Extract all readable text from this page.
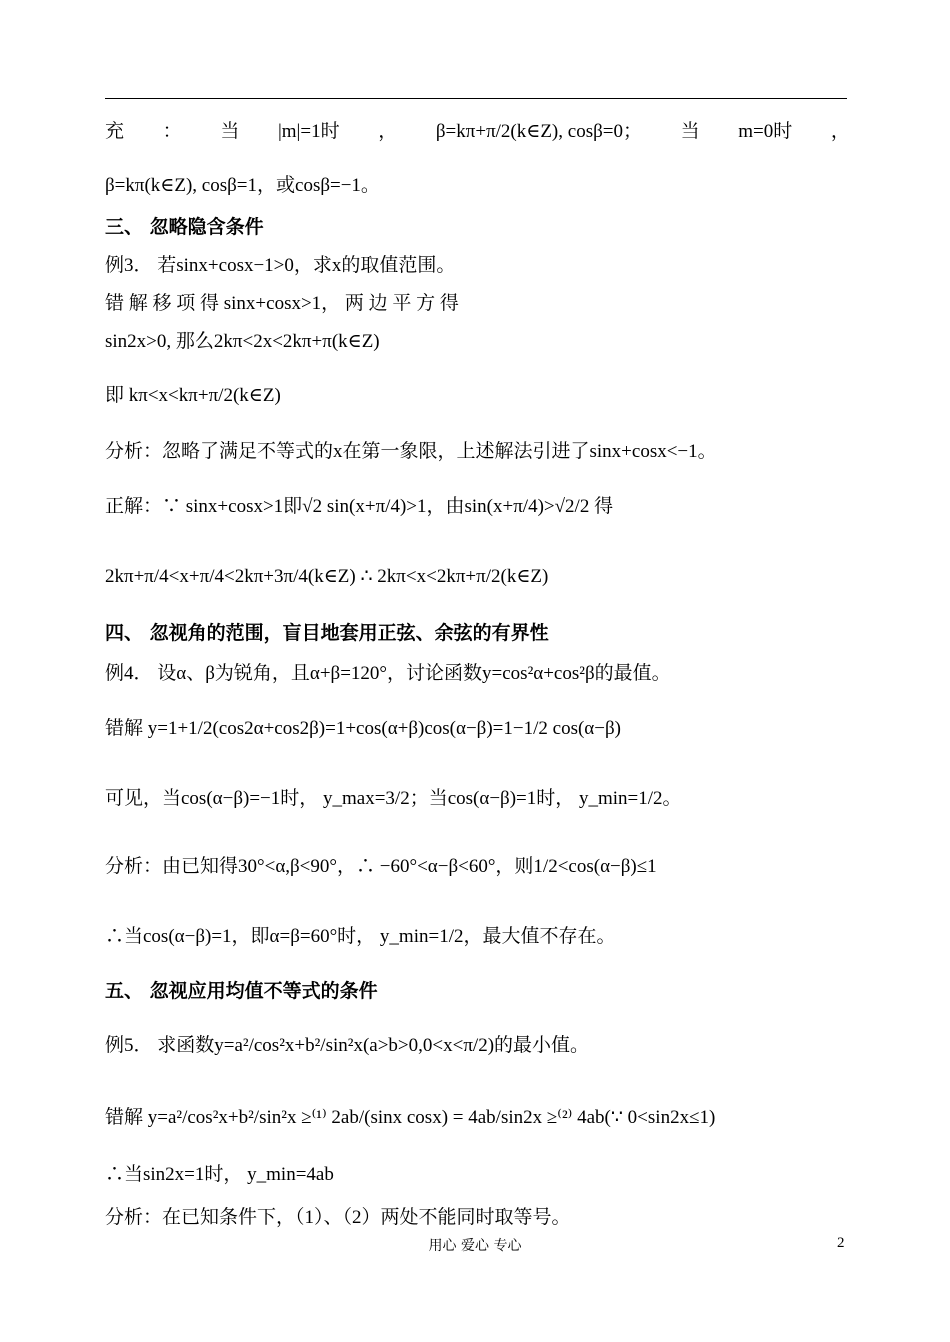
充 ： 当 |m|=1时 ， β=kπ+π/2(k∈Z), cosβ=0； 当 m=0时 ，
β=kπ(k∈Z), cosβ=1，或cosβ=−1。
三、 忽略隐含条件
例3． 若sinx+cosx−1>0，求x的取值范围。
错 解 移 项 得 sinx+cosx>1， 两 边 平 方 得
sin2x>0, 那么2kπ<2x<2kπ+π(k∈Z)
即 kπ<x<kπ+π/2(k∈Z)
分析：忽略了满足不等式的x在第一象限，上述解法引进了sinx+cosx<−1。
正解：∵ sinx+cosx>1即√2 sin(x+π/4)>1，由sin(x+π/4)>√2/2 得
2kπ+π/4<x+π/4<2kπ+3π/4(k∈Z) ∴ 2kπ<x<2kπ+π/2(k∈Z)
四、 忽视角的范围，盲目地套用正弦、余弦的有界性
例4． 设α、β为锐角，且α+β=120°，讨论函数y=cos²α+cos²β的最值。
错解 y=1+1/2(cos2α+cos2β)=1+cos(α+β)cos(α−β)=1−1/2 cos(α−β)
可见，当cos(α−β)=−1时， y_max=3/2；当cos(α−β)=1时， y_min=1/2。
分析：由已知得30°<α,β<90°，∴ −60°<α−β<60°，则1/2<cos(α−β)≤1
∴当cos(α−β)=1，即α=β=60°时， y_min=1/2，最大值不存在。
五、 忽视应用均值不等式的条件
例5． 求函数y=a²/cos²x+b²/sin²x(a>b>0,0<x<π/2)的最小值。
错解 y=a²/cos²x+b²/sin²x ≥⁽¹⁾ 2ab/(sinx cosx) = 4ab/sin2x ≥⁽²⁾ 4ab(∵ 0<sin2x≤1)
∴当sin2x=1时， y_min=4ab
分析：在已知条件下，（1）、（2）两处不能同时取等号。
用心 爱心 专心	2
